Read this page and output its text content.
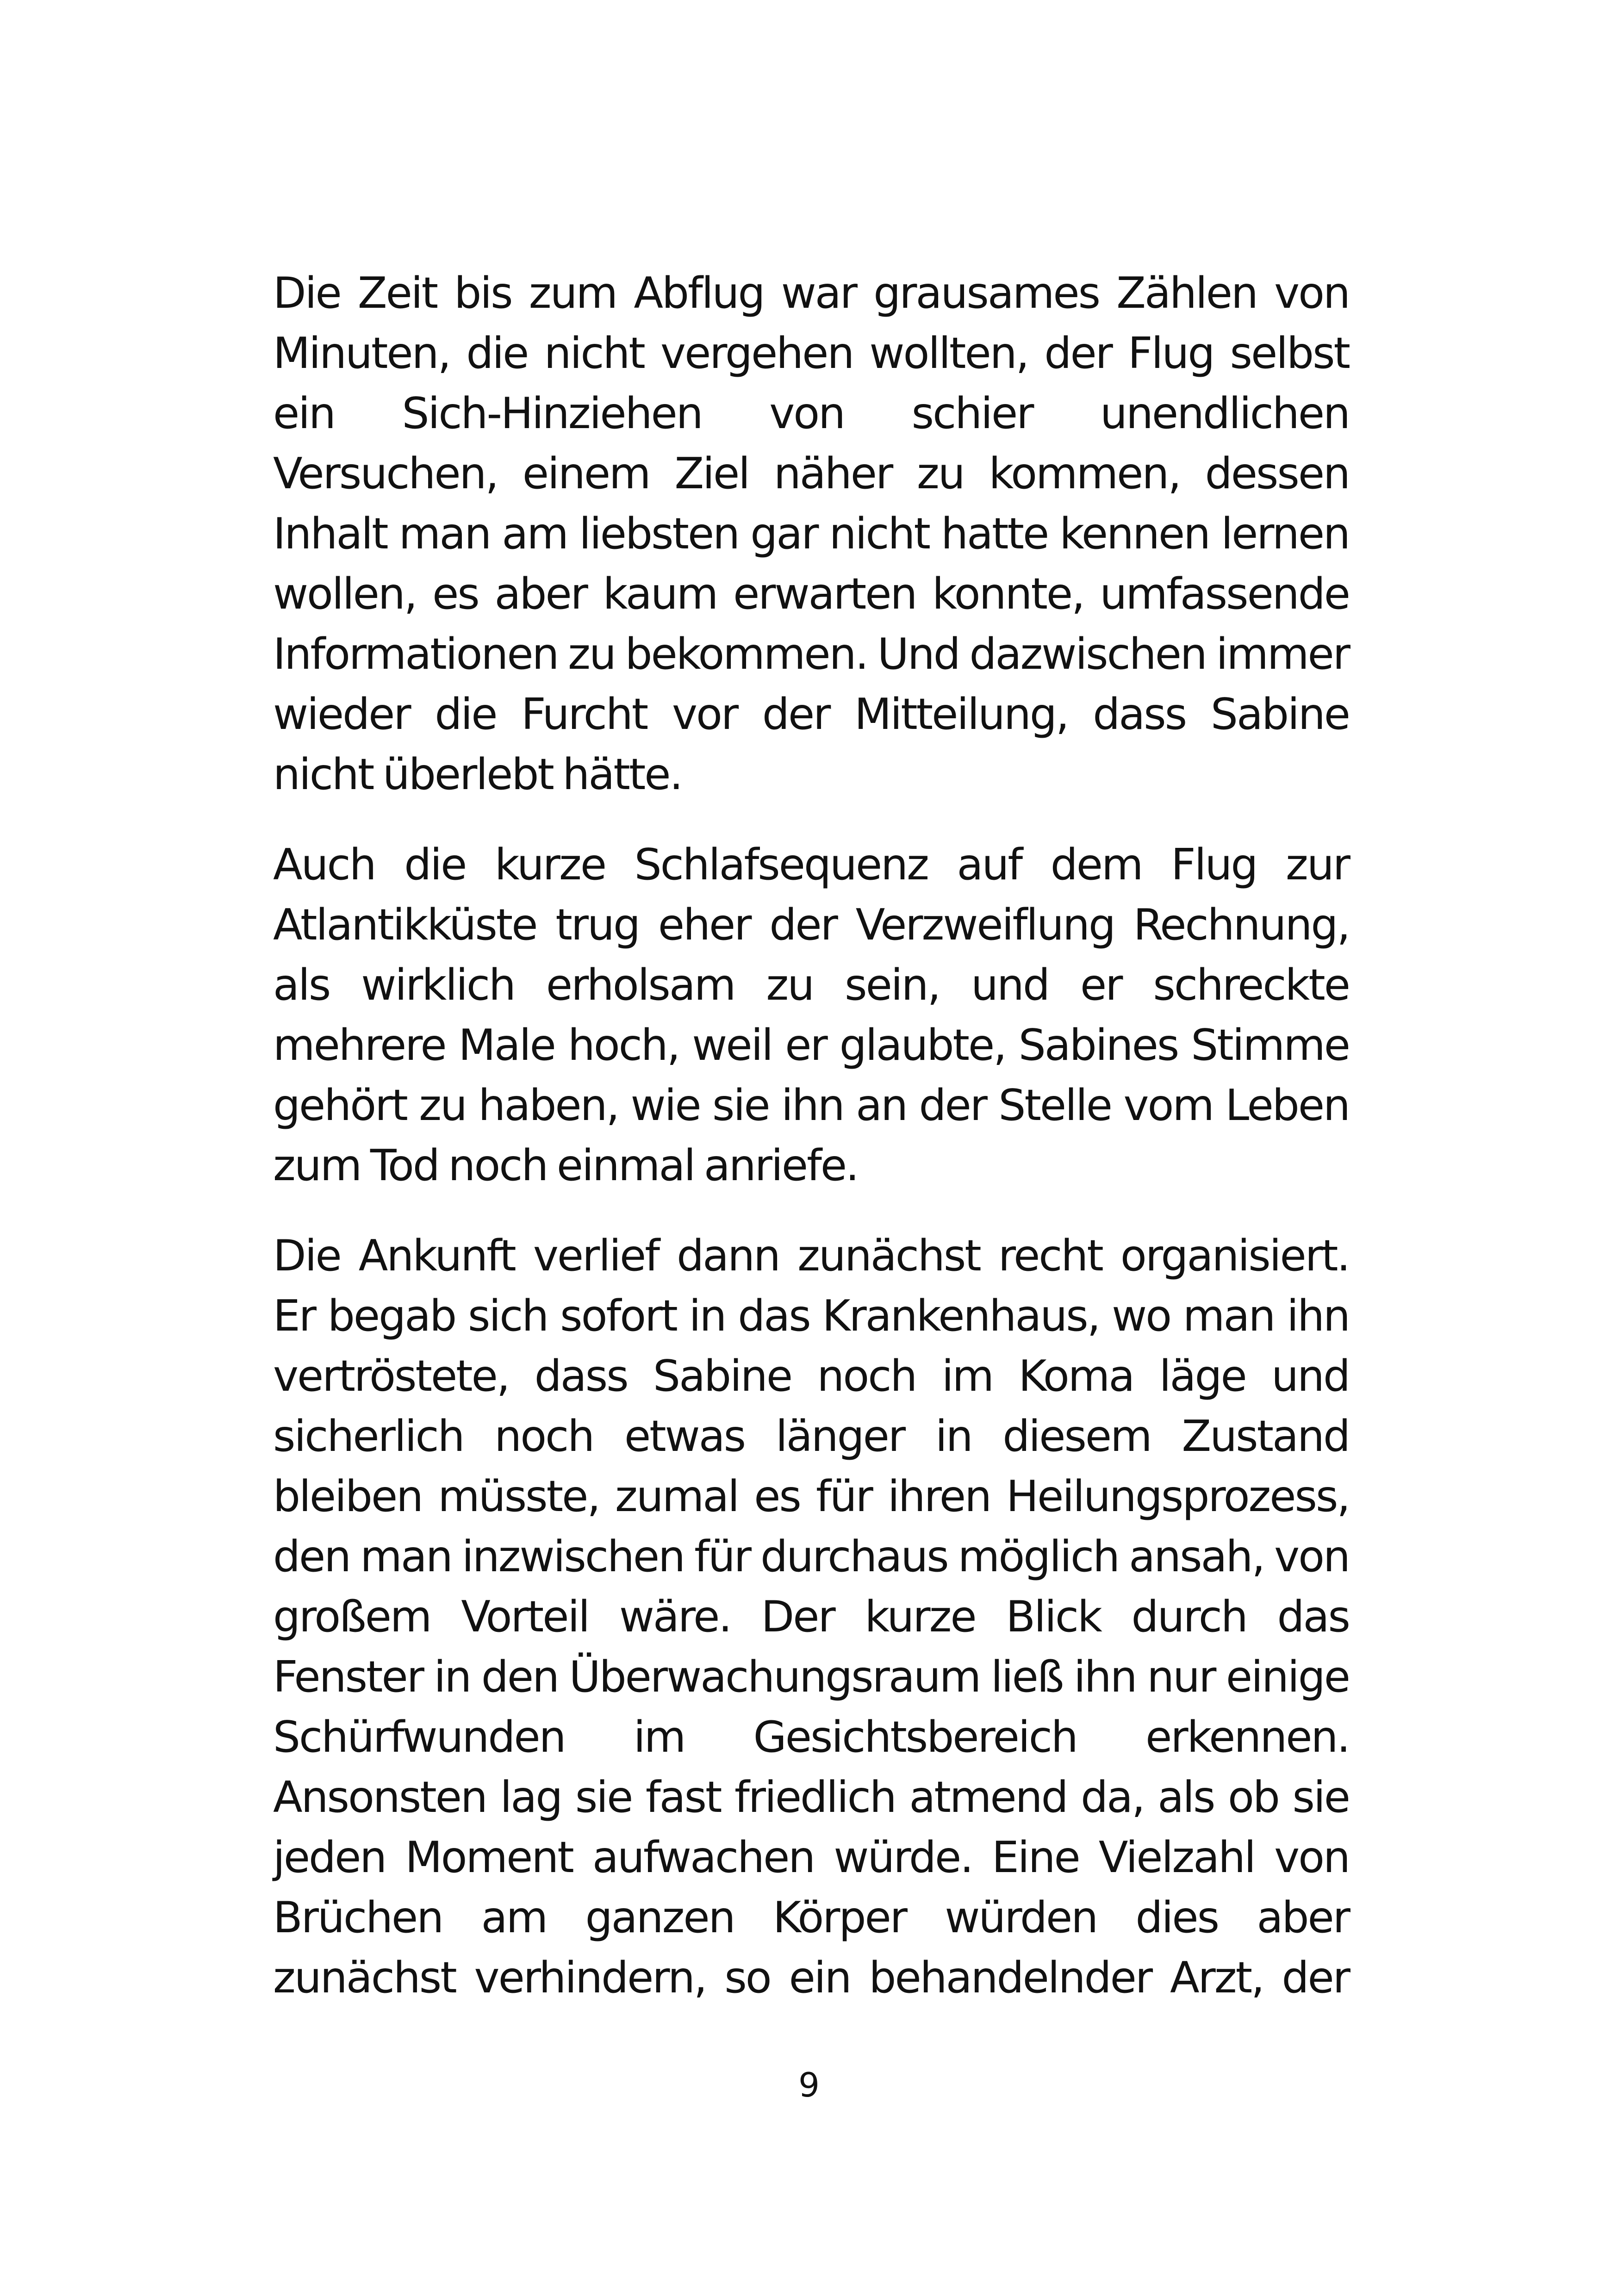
Die Zeit bis zum Abflug war grausames Zählen von Minuten, die nicht vergehen wollten, der Flug selbst ein Sich-Hinziehen von schier unendlichen Versuchen, einem Ziel näher zu kommen, dessen Inhalt man am liebsten gar nicht hatte kennen lernen wollen, es aber kaum erwarten konnte, umfassende Informationen zu bekommen. Und dazwischen immer wieder die Furcht vor der Mitteilung, dass Sabine nicht überlebt hätte.

Auch die kurze Schlafsequenz auf dem Flug zur Atlantikküste trug eher der Verzweiflung Rechnung, als wirklich erholsam zu sein, und er schreckte mehrere Male hoch, weil er glaubte, Sabines Stimme gehört zu haben, wie sie ihn an der Stelle vom Leben zum Tod noch einmal anriefe.

Die Ankunft verlief dann zunächst recht organisiert. Er begab sich sofort in das Krankenhaus, wo man ihn vertröstete, dass Sabine noch im Koma läge und sicherlich noch etwas länger in diesem Zustand bleiben müsste, zumal es für ihren Heilungsprozess, den man inzwischen für durchaus möglich ansah, von großem Vorteil wäre. Der kurze Blick durch das Fenster in den Überwachungsraum ließ ihn nur einige Schürfwunden im Gesichtsbereich erkennen. Ansonsten lag sie fast friedlich atmend da, als ob sie jeden Moment aufwachen würde. Eine Vielzahl von Brüchen am ganzen Körper würden dies aber zunächst verhindern, so ein behandelnder Arzt, der

9
